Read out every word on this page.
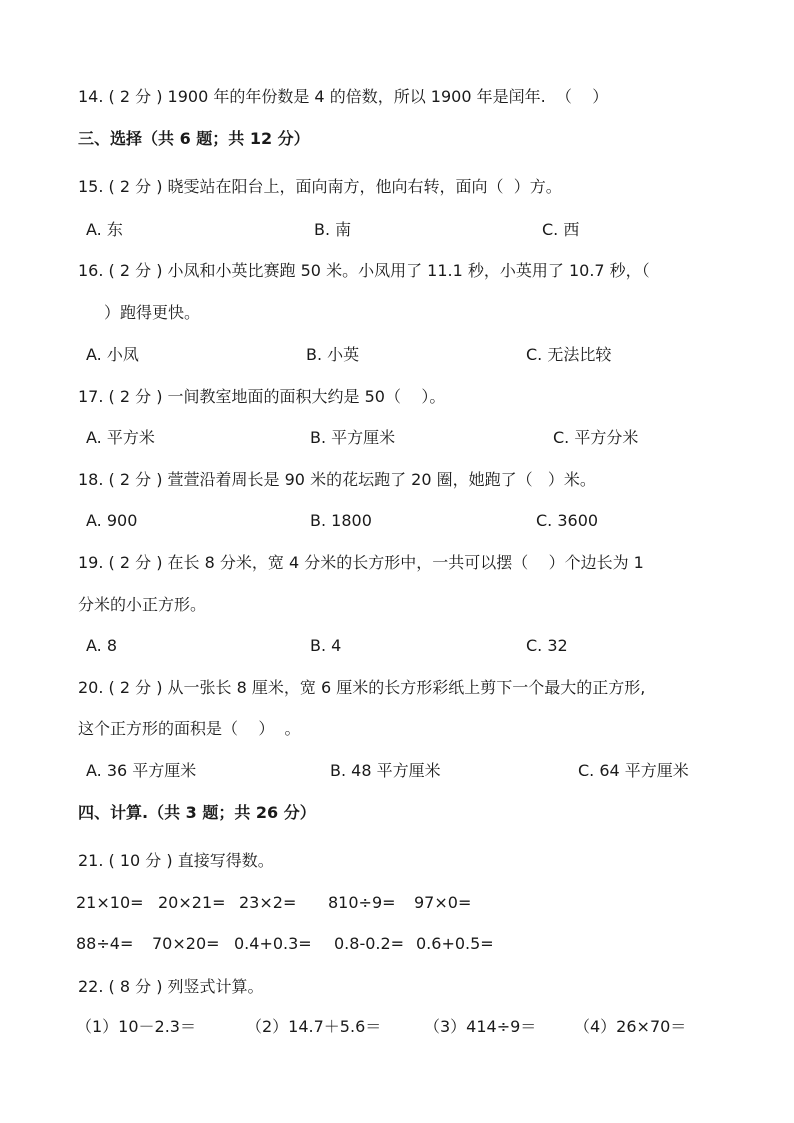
14. ( 2 分 ) 1900 年的年份数是 4 的倍数，所以 1900 年是闰年.  （    ）
三、选择（共 6 题；共 12 分）
15. ( 2 分 ) 晓雯站在阳台上，面向南方，他向右转，面向（  ）方。
A. 东	B. 南	C. 西
16. ( 2 分 ) 小凤和小英比赛跑 50 米。小凤用了 11.1 秒，小英用了 10.7 秒，（
）跑得更快。
A. 小凤	B. 小英	C. 无法比较
17. ( 2 分 ) 一间教室地面的面积大约是 50（    ）。
A. 平方米	B. 平方厘米	C. 平方分米
18. ( 2 分 ) 萱萱沿着周长是 90 米的花坛跑了 20 圈，她跑了（   ）米。
A. 900	B. 1800	C. 3600
19. ( 2 分 ) 在长 8 分米，宽 4 分米的长方形中，一共可以摆（    ）个边长为 1
分米的小正方形。
A. 8	B. 4	C. 32
20. ( 2 分 ) 从一张长 8 厘米，宽 6 厘米的长方形彩纸上剪下一个最大的正方形,
这个正方形的面积是（    ）  。
A. 36 平方厘米	B. 48 平方厘米	C. 64 平方厘米
四、计算.（共 3 题；共 26 分）
21. ( 10 分 ) 直接写得数。
21×10= 20×21= 23×2= 810÷9= 97×0=
88÷4= 70×20= 0.4+0.3= 0.8-0.2= 0.6+0.5=
22. ( 8 分 ) 列竖式计算。
（1）10－2.3＝	（2）14.7＋5.6＝	（3）414÷9＝ （4）26×70＝
